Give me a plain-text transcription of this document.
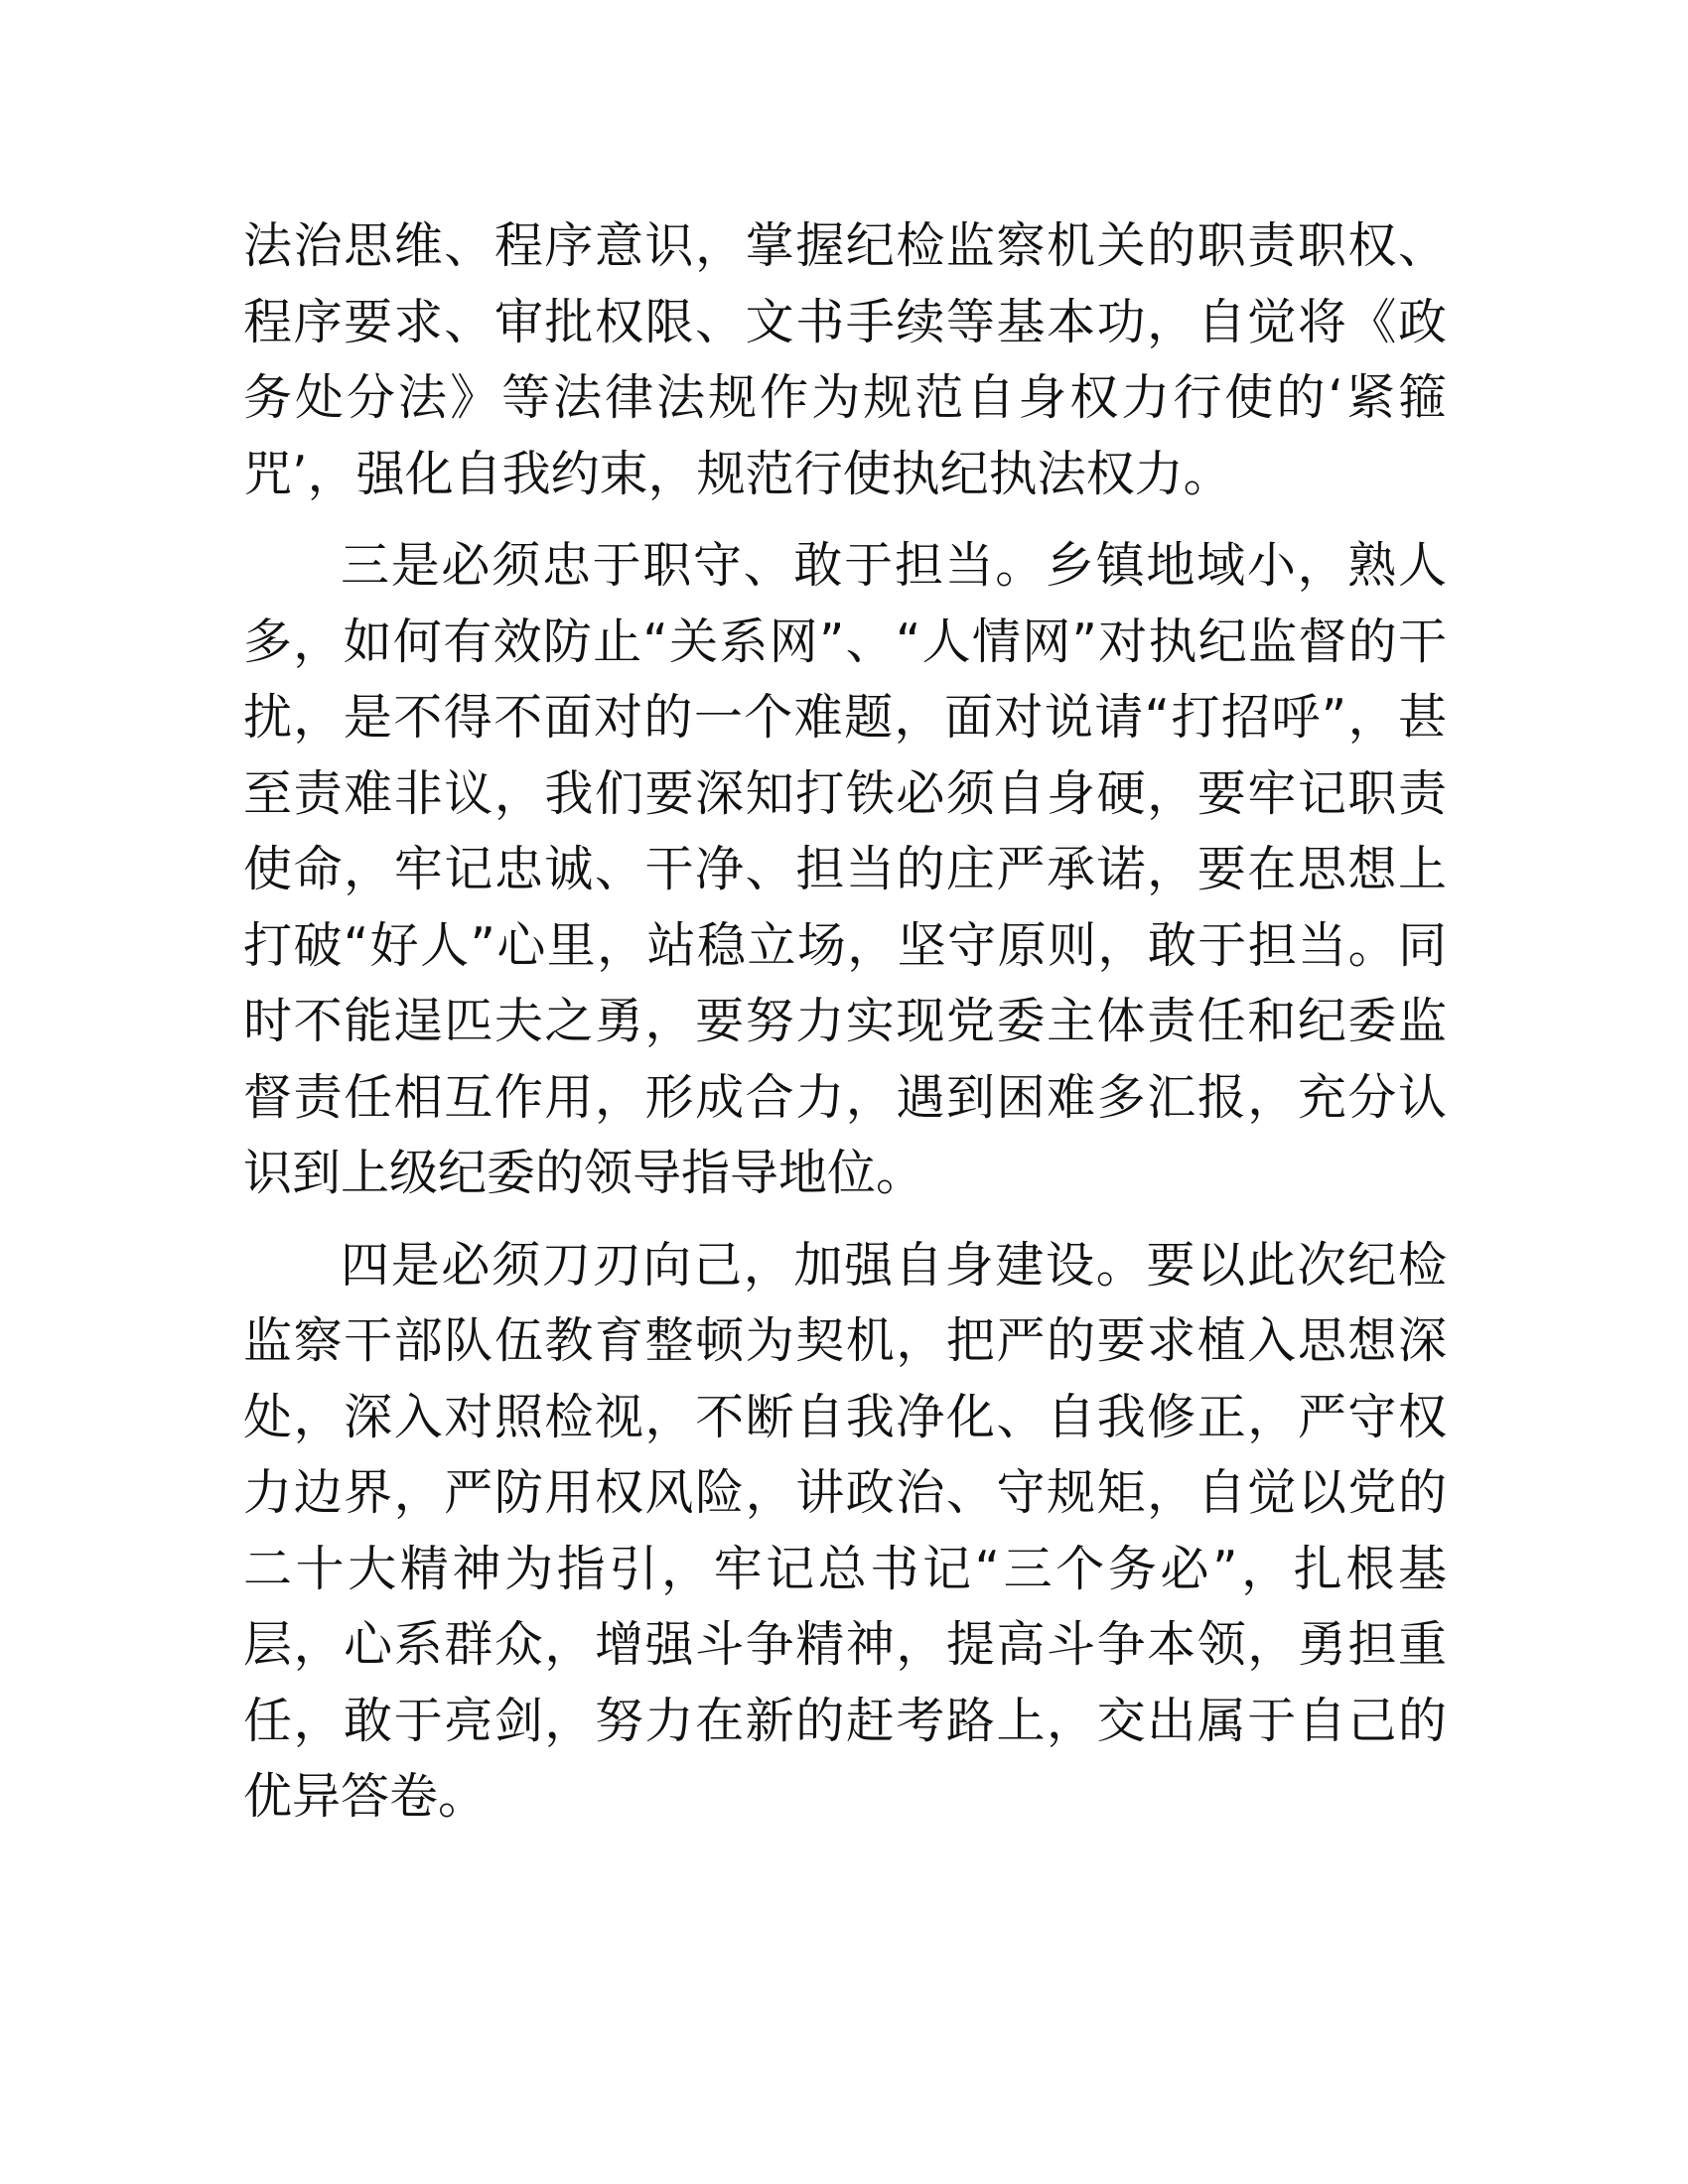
法治思维、程序意识，掌握纪检监察机关的职责职权、程序要求、审批权限、文书手续等基本功，自觉将《政务处分法》等法律法规作为规范自身权力行使的‘紧箍咒’，强化自我约束，规范行使执纪执法权力。

三是必须忠于职守、敢于担当。乡镇地域小，熟人多，如何有效防止“关系网”、“人情网”对执纪监督的干扰，是不得不面对的一个难题，面对说请“打招呼”，甚至责难非议，我们要深知打铁必须自身硬，要牢记职责使命，牢记忠诚、干净、担当的庄严承诺，要在思想上打破“好人”心里，站稳立场，坚守原则，敢于担当。同时不能逞匹夫之勇，要努力实现党委主体责任和纪委监督责任相互作用，形成合力，遇到困难多汇报，充分认识到上级纪委的领导指导地位。

四是必须刀刃向己，加强自身建设。要以此次纪检监察干部队伍教育整顿为契机，把严的要求植入思想深处，深入对照检视，不断自我净化、自我修正，严守权力边界，严防用权风险，讲政治、守规矩，自觉以党的二十大精神为指引，牢记总书记“三个务必”，扎根基层，心系群众，增强斗争精神，提高斗争本领，勇担重任，敢于亮剑，努力在新的赶考路上，交出属于自己的优异答卷。
